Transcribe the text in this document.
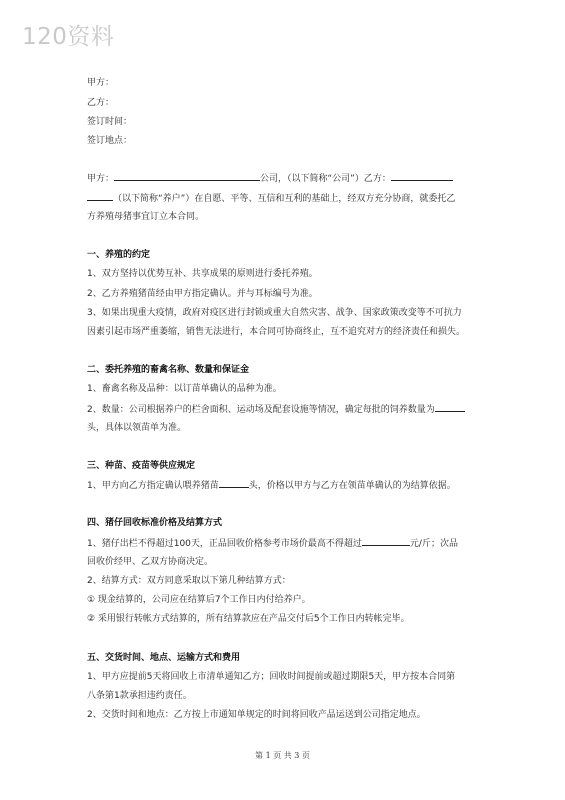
120资料
甲方：
乙方：
签订时间：
签订地点：
甲方：	公司，（以下简称“公司”）乙方：
（以下简称“养户”）在自愿、平等、互信和互利的基础上，经双方充分协商，就委托乙
方养殖母猪事宜订立本合同。
一、养殖的约定
1、双方坚持以优势互补、共享成果的原则进行委托养殖。
2、乙方养殖猪苗经由甲方指定确认。并与耳标编号为准。
3、如果出现重大疫情，政府对疫区进行封锁或重大自然灾害、战争、国家政策改变等不可抗力
因素引起市场严重萎缩，销售无法进行，本合同可协商终止，互不追究对方的经济责任和损失。
二、委托养殖的畜禽名称、数量和保证金
1、畜禽名称及品种：以订苗单确认的品种为准。
2、数量：公司根据养户的栏舍面积、运动场及配套设施等情况，确定每批的饲养数量为
头，具体以领苗单为准。
三、种苗、疫苗等供应规定
1、甲方向乙方指定确认喂养猪苗	头，价格以甲方与乙方在领苗单确认的为结算依据。
四、猪仔回收标准价格及结算方式
1、猪仔出栏不得超过100天，正品回收价格参考市场价最高不得超过	元/斤；次品
回收价经甲、乙双方协商决定。
2、结算方式：双方同意采取以下第几种结算方式：
① 现金结算的，公司应在结算后7个工作日内付给养户。
② 采用银行转帐方式结算的，所有结算款应在产品交付后5个工作日内转帐完毕。
五、交货时间、地点、运输方式和费用
1、甲方应提前5天将回收上市清单通知乙方；回收时间提前或超过期限5天，甲方按本合同第
八条第1款承担违约责任。
2、交货时间和地点：乙方按上市通知单规定的时间将回收产品运送到公司指定地点。
第 1 页 共 3 页
